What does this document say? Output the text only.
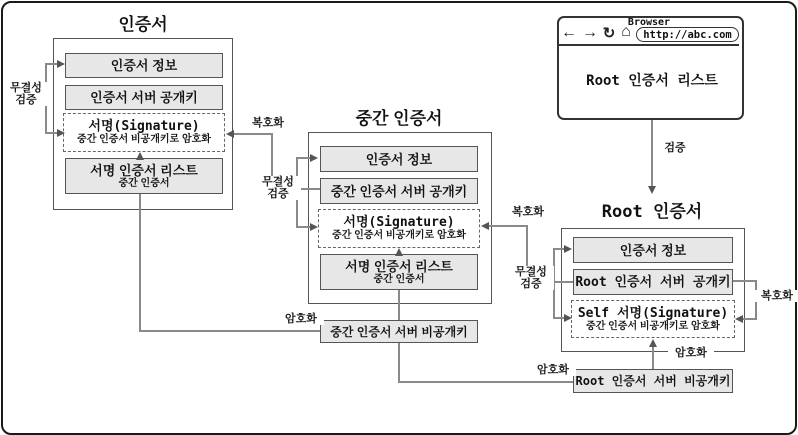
인증서
인증서 정보
인증서 서버 공개키
서명(Signature)
중간 인증서 비공개키로 암호화
서명 인증서 리스트
중간 인증서
무결성
검증
복호화
암호화
중간 인증서
인증서 정보
중간 인증서 서버 공개키
서명(Signature)
중간 인증서 비공개키로 암호화
서명 인증서 리스트
중간 인증서
무결성
검증
복호화
암호화
중간 인증서 서버 비공개키
Root 인증서
인증서 정보
Root 인증서 서버 공개키
Self 서명(Signature)
중간 인증서 비공개키로 암호화
무결성
검증
복호화
암호화
Root 인증서 서버 비공개키
Browser
← → ↻ ⌂	http://abc.com
Root 인증서 리스트
검증
